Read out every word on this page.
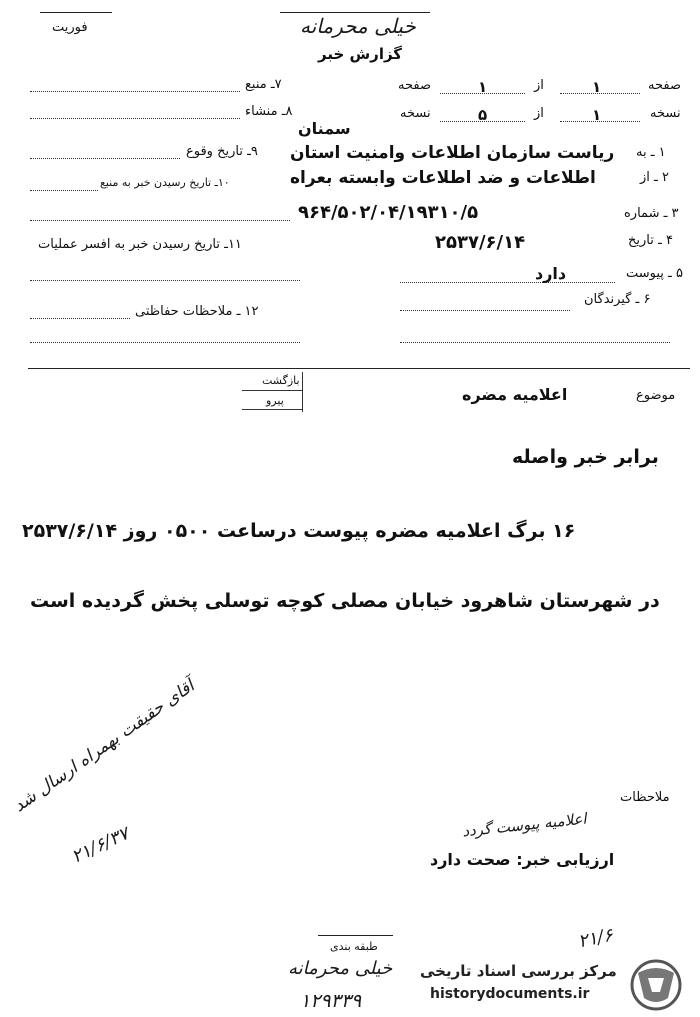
فوریت	خیلی محرمانه
گزارش خبر
۷ـ منبع
۸ـ منشاء
۹ـ تاریخ وقوع
۱۰ـ تاریخ رسیدن خبر به منبع
۱۱ـ تاریخ رسیدن خبر به افسر عملیات
۱۲ ـ ملاحظات حفاظتی
صفحه
۱
از
۱
صفحه
نسخه
۱
از
۵
نسخه
سمنان
۱ ـ به
ریاست سازمان اطلاعات وامنیت استان
۲ ـ از
اطلاعات و ضد اطلاعات وابسته بعراه
۳ ـ شماره
۹۶۴/۵۰۲/۰۴/۱۹۳۱۰/۵
۴ ـ تاریخ
۲۵۳۷/۶/۱۴
۵ ـ پیوست
دارد
۶ ـ گیرندگان
بازگشت
پیرو	موضوع
اعلامیه مضره
برابر خبر واصله
۱۶ برگ اعلامیه مضره پیوست درساعت ۰۵۰۰ روز ۲۵۳۷/۶/۱۴
در شهرستان شاهرود خیابان مصلی کوچه توسلی پخش گردیده است
ملاحظات
اعلامیه پیوست گردد
ارزیابی خبر: صحت دارد
آقای حقیقت بهمراه ارسال شد
۲۱/۶/۳۷
طبقه بندی
خیلی محرمانه
۲۱/۶
۱۲۹۳۳۹
مرکز بررسی اسناد تاریخی
historydocuments.ir
